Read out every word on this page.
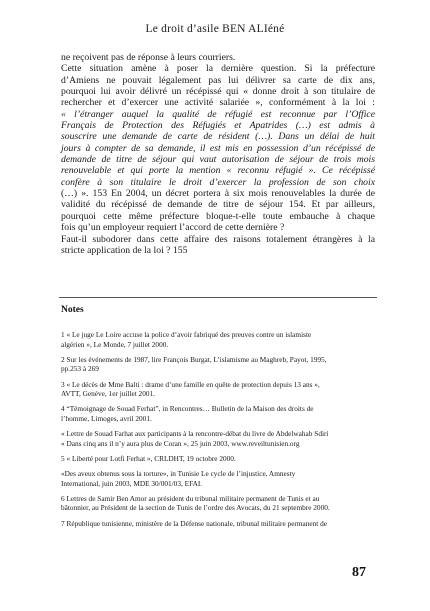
Le droit d’asile BEN ALIéné
ne reçoivent pas de réponse à leurs courriers.
Cette situation amène à poser la dernière question. Si la préfecture
d’Amiens ne pouvait légalement pas lui délivrer sa carte de dix ans,
pourquoi lui avoir délivré un récépissé qui « donne droit à son titulaire de
rechercher et d’exercer une activité salariée », conformément à la loi :
« l’étranger auquel la qualité de réfugié est reconnue par l’Office
Français de Protection des Réfugiés et Apatrides (…) est admis à
souscrire une demande de carte de résident (…). Dans un délai de huit
jours à compter de sa demande, il est mis en possession d’un récépissé de
demande de titre de séjour qui vaut autorisation de séjour de trois mois
renouvelable et qui porte la mention « reconnu réfugié ». Ce récépissé
confère à son titulaire le droit d’exercer la profession de son choix
(…) ». 153 En 2004, un décret portera à six mois renouvelables la durée de
validité du récépissé de demande de titre de séjour 154. Et par ailleurs,
pourquoi cette même préfecture bloque-t-elle toute embauche à chaque
fois qu’un employeur requiert l’accord de cette dernière ?
Faut-il subodorer dans cette affaire des raisons totalement étrangères à la
stricte application de la loi ? 155
Notes
1 « Le juge Le Loire accuse la police d’avoir fabriqué des preuves contre un islamiste
algérien », Le Monde, 7 juillet 2000.
2 Sur les événements de 1987, lire François Burgat, L’islamisme au Maghreb, Payot, 1995,
pp.253 à 269
3 « Le décès de Mme Balti : drame d’une famille en quête de protection depuis 13 ans »,
AVTT, Genève, 1er juillet 2001.
4 “Témoignage de Souad Ferhat”, in Rencontres… Bulletin de la Maison des droits de
l’homme, Limoges, avril 2001.
« Lettre de Souad Farhat aux participants à la rencontre-débat du livre de Abdelwahab Sdiri
« Dans cinq ans il n’y aura plus de Coran », 25 juin 2003, www.reveiltunisien.org
5 « Liberté pour Lotfi Ferhat », CRLDHT, 19 octobre 2000.
«Des aveux obtenus sous la torture», in Tunisie Le cycle de l’injustice, Amnesty
International, juin 2003, MDE 30/001/03, EFAI.
6 Lettres de Samir Ben Amor au président du tribunal militaire permanent de Tunis et au
bâtonnier, au Président de la section de Tunis de l’ordre des Avocats, du 21 septembre 2000.
7 République tunisienne, ministère de la Défense nationale, tribunal militaire permanent de
87
